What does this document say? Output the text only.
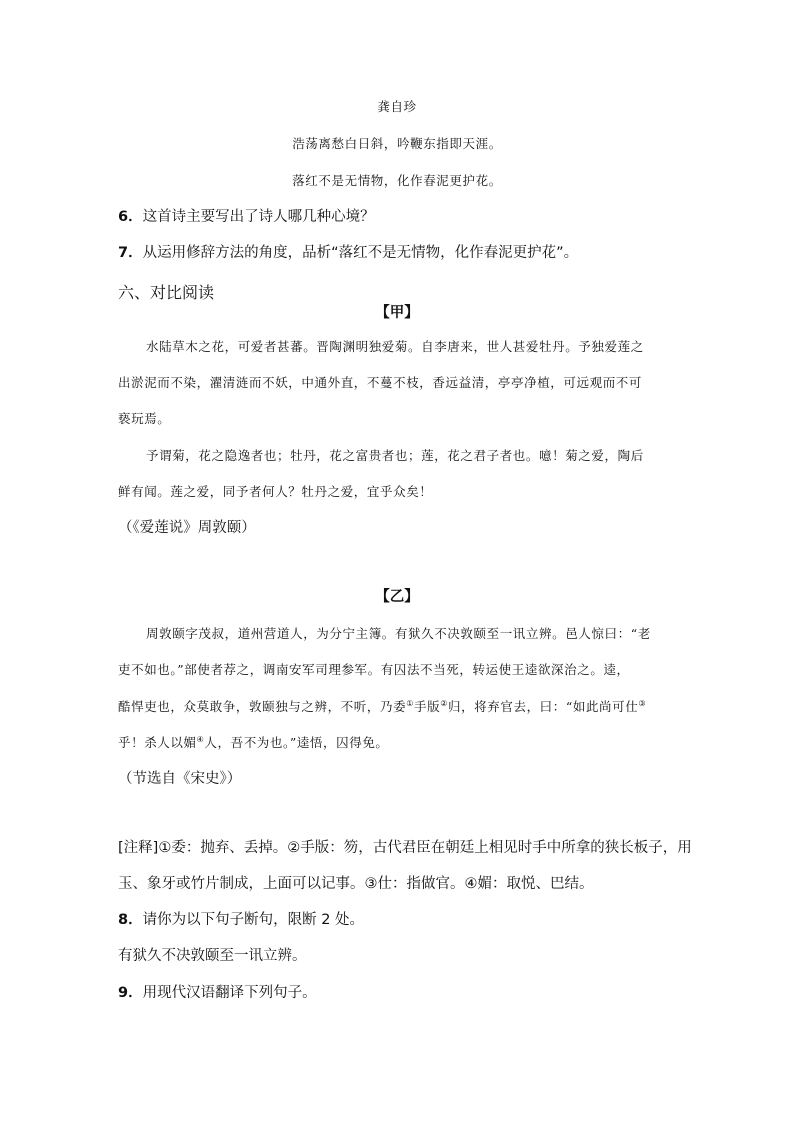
龚自珍
浩荡离愁白日斜，吟鞭东指即天涯。
落红不是无情物，化作春泥更护花。
6．这首诗主要写出了诗人哪几种心境？
7．从运用修辞方法的角度，品析“落红不是无情物，化作春泥更护花”。
六、对比阅读
【甲】
水陆草木之花，可爱者甚蕃。晋陶渊明独爱菊。自李唐来，世人甚爱牡丹。予独爱莲之
出淤泥而不染，濯清涟而不妖，中通外直，不蔓不枝，香远益清，亭亭净植，可远观而不可
亵玩焉。
予谓菊，花之隐逸者也；牡丹，花之富贵者也；莲，花之君子者也。噫！菊之爱，陶后
鲜有闻。莲之爱，同予者何人？牡丹之爱，宜乎众矣！
（《爱莲说》周敦颐）
【乙】
周敦颐字茂叔，道州营道人，为分宁主簿。有狱久不决敦颐至一讯立辨。邑人惊曰：“老
吏不如也。”部使者荐之，调南安军司理参军。有囚法不当死，转运使王逵欲深治之。逵，
酷悍吏也，众莫敢争，敦颐独与之辨，不听，乃委①手版②归，将弃官去，曰：“如此尚可仕③
乎！杀人以媚④人，吾不为也。”逵悟，囚得免。
（节选自《宋史》）
[注释]①委：抛弃、丢掉。②手版：笏，古代君臣在朝廷上相见时手中所拿的狭长板子，用
玉、象牙或竹片制成，上面可以记事。③仕：指做官。④媚：取悦、巴结。
8．请你为以下句子断句，限断 2 处。
有狱久不决敦颐至一讯立辨。
9．用现代汉语翻译下列句子。
